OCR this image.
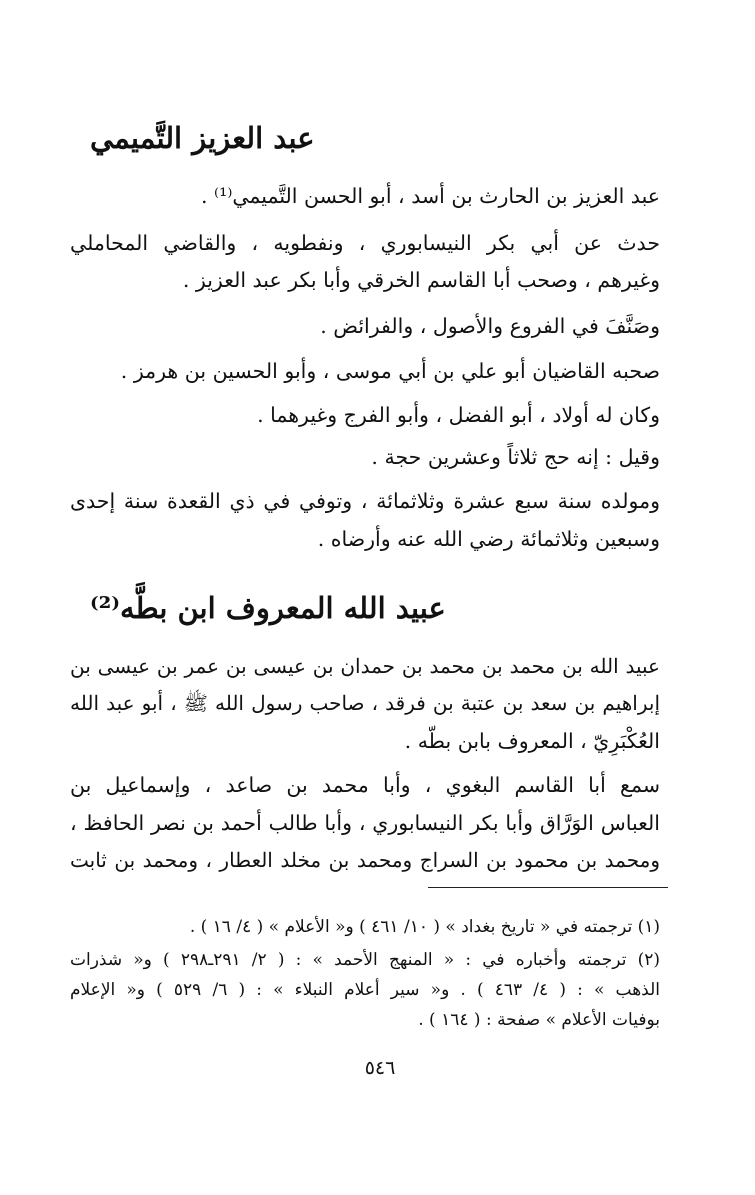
عبد العزيز التَّميمي
عبد العزيز بن الحارث بن أسد ، أبو الحسن التَّميمي⁽¹⁾ .
حدث عن أبي بكر النيسابوري ، ونفطويه ، والقاضي المحاملي
وغيرهم ، وصحب أبا القاسم الخرقي وأبا بكر عبد العزيز .
وصَنَّفَ في الفروع والأصول ، والفرائض .
صحبه القاضيان أبو علي بن أبي موسى ، وأبو الحسين بن هرمز .
وكان له أولاد ، أبو الفضل ، وأبو الفرج وغيرهما .
وقيل : إنه حج ثلاثاً وعشرين حجة .
ومولده سنة سبع عشرة وثلاثمائة ، وتوفي في ذي القعدة سنة إحدى
وسبعين وثلاثمائة رضي الله عنه وأرضاه .
عبيد الله المعروف ابن بطَّه⁽²⁾
عبيد الله بن محمد بن محمد بن حمدان بن عيسى بن عمر بن عيسى بن
إبراهيم بن سعد بن عتبة بن فرقد ، صاحب رسول الله ﷺ ، أبو عبد الله
العُكْبَرِيّ ، المعروف بابن بطّه .
سمع أبا القاسم البغوي ، وأبا محمد بن صاعد ، وإسماعيل بن
العباس الوَرَّاق وأبا بكر النيسابوري ، وأبا طالب أحمد بن نصر الحافظ ،
ومحمد بن محمود بن السراج ومحمد بن مخلد العطار ، ومحمد بن ثابت
(١) ترجمته في « تاريخ بغداد » ( ١٠/ ٤٦١ ) و« الأعلام » ( ٤/ ١٦ ) .
(٢) ترجمته وأخباره في : « المنهج الأحمد » : ( ٢/ ٢٩١ـ٢٩٨ ) و« شذرات
الذهب » : ( ٤/ ٤٦٣ ) . و« سير أعلام النبلاء » : ( ٦/ ٥٢٩ ) و« الإعلام
بوفيات الأعلام » صفحة : ( ١٦٤ ) .
٥٤٦
